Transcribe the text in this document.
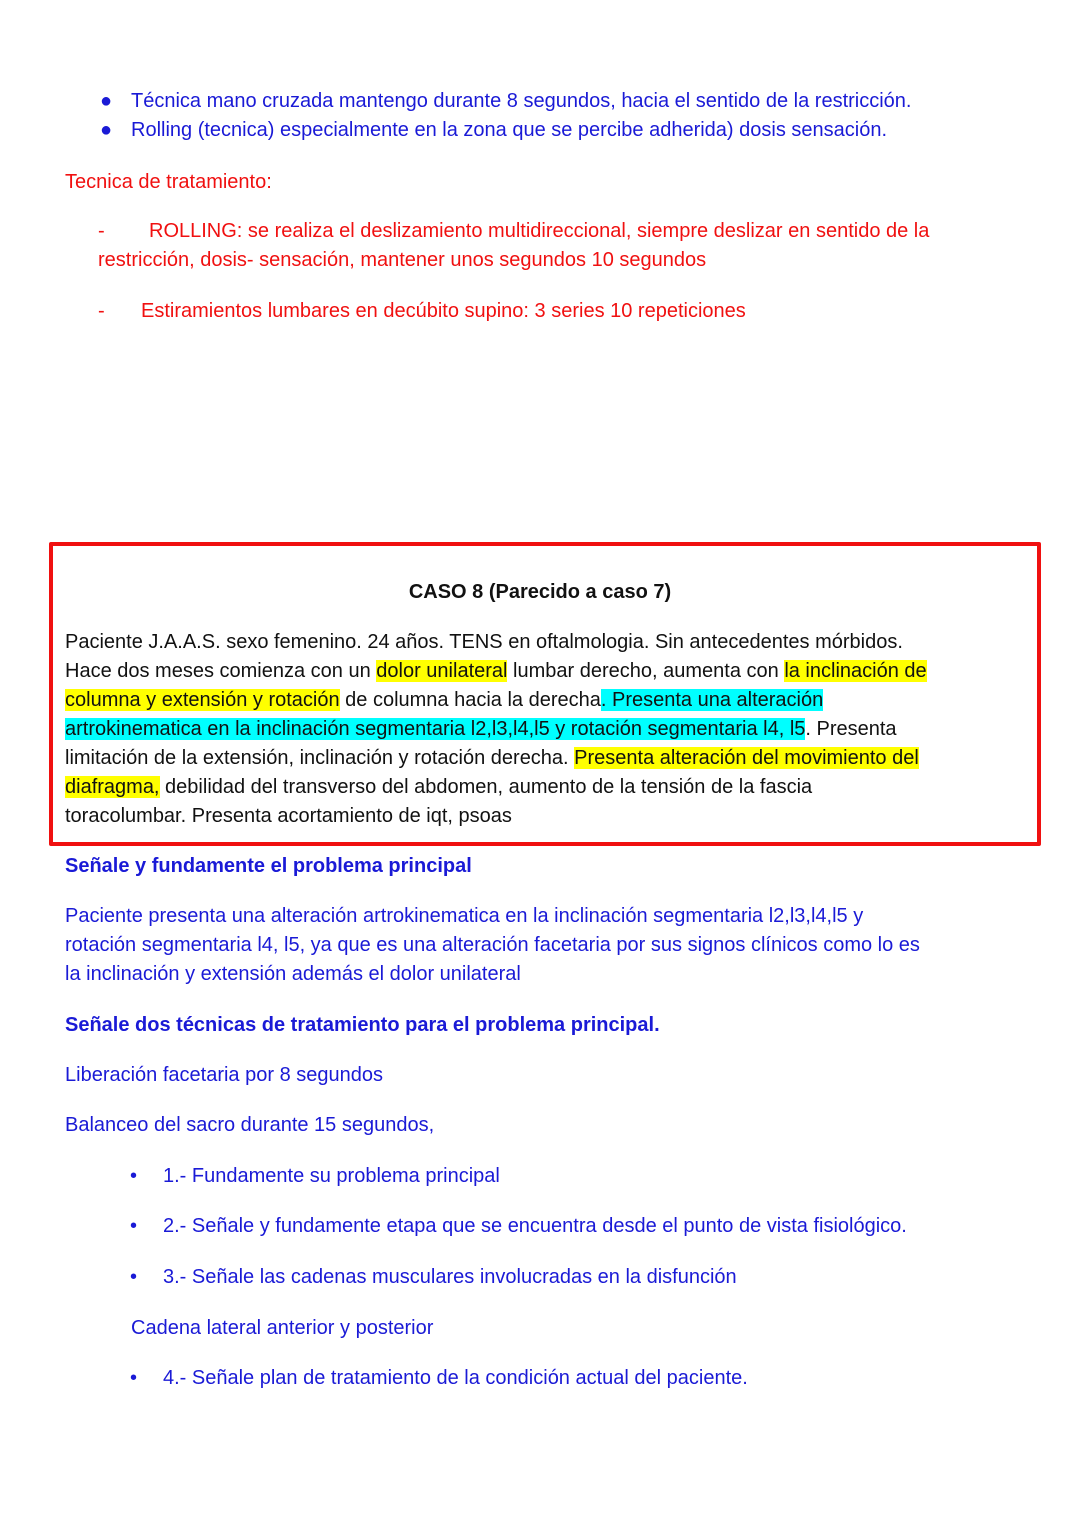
● Técnica mano cruzada mantengo durante 8 segundos, hacia el sentido de la restricción.
● Rolling (tecnica) especialmente en la zona que se percibe adherida) dosis sensación.
Tecnica de tratamiento:
- ROLLING: se realiza el deslizamiento multidireccional, siempre deslizar en sentido de la
restricción, dosis- sensación, mantener unos segundos 10 segundos
- Estiramientos lumbares en decúbito supino: 3 series 10 repeticiones
CASO 8 (Parecido a caso 7)
Paciente J.A.A.S. sexo femenino. 24 años. TENS en oftalmologia. Sin antecedentes mórbidos.
Hace dos meses comienza con un dolor unilateral lumbar derecho, aumenta con la inclinación de
columna y extensión y rotación de columna hacia la derecha. Presenta una alteración
artrokinematica en la inclinación segmentaria l2,l3,l4,l5 y rotación segmentaria l4, l5. Presenta
limitación de la extensión, inclinación y rotación derecha. Presenta alteración del movimiento del
diafragma, debilidad del transverso del abdomen, aumento de la tensión de la fascia
toracolumbar. Presenta acortamiento de iqt, psoas
Señale y fundamente el problema principal
Paciente presenta una alteración artrokinematica en la inclinación segmentaria l2,l3,l4,l5 y
rotación segmentaria l4, l5, ya que es una alteración facetaria por sus signos clínicos como lo es
la inclinación y extensión además el dolor unilateral
Señale dos técnicas de tratamiento para el problema principal.
Liberación facetaria por 8 segundos
Balanceo del sacro durante 15 segundos,
• 1.- Fundamente su problema principal
• 2.- Señale y fundamente etapa que se encuentra desde el punto de vista fisiológico.
• 3.- Señale las cadenas musculares involucradas en la disfunción
Cadena lateral anterior y posterior
• 4.- Señale plan de tratamiento de la condición actual del paciente.
